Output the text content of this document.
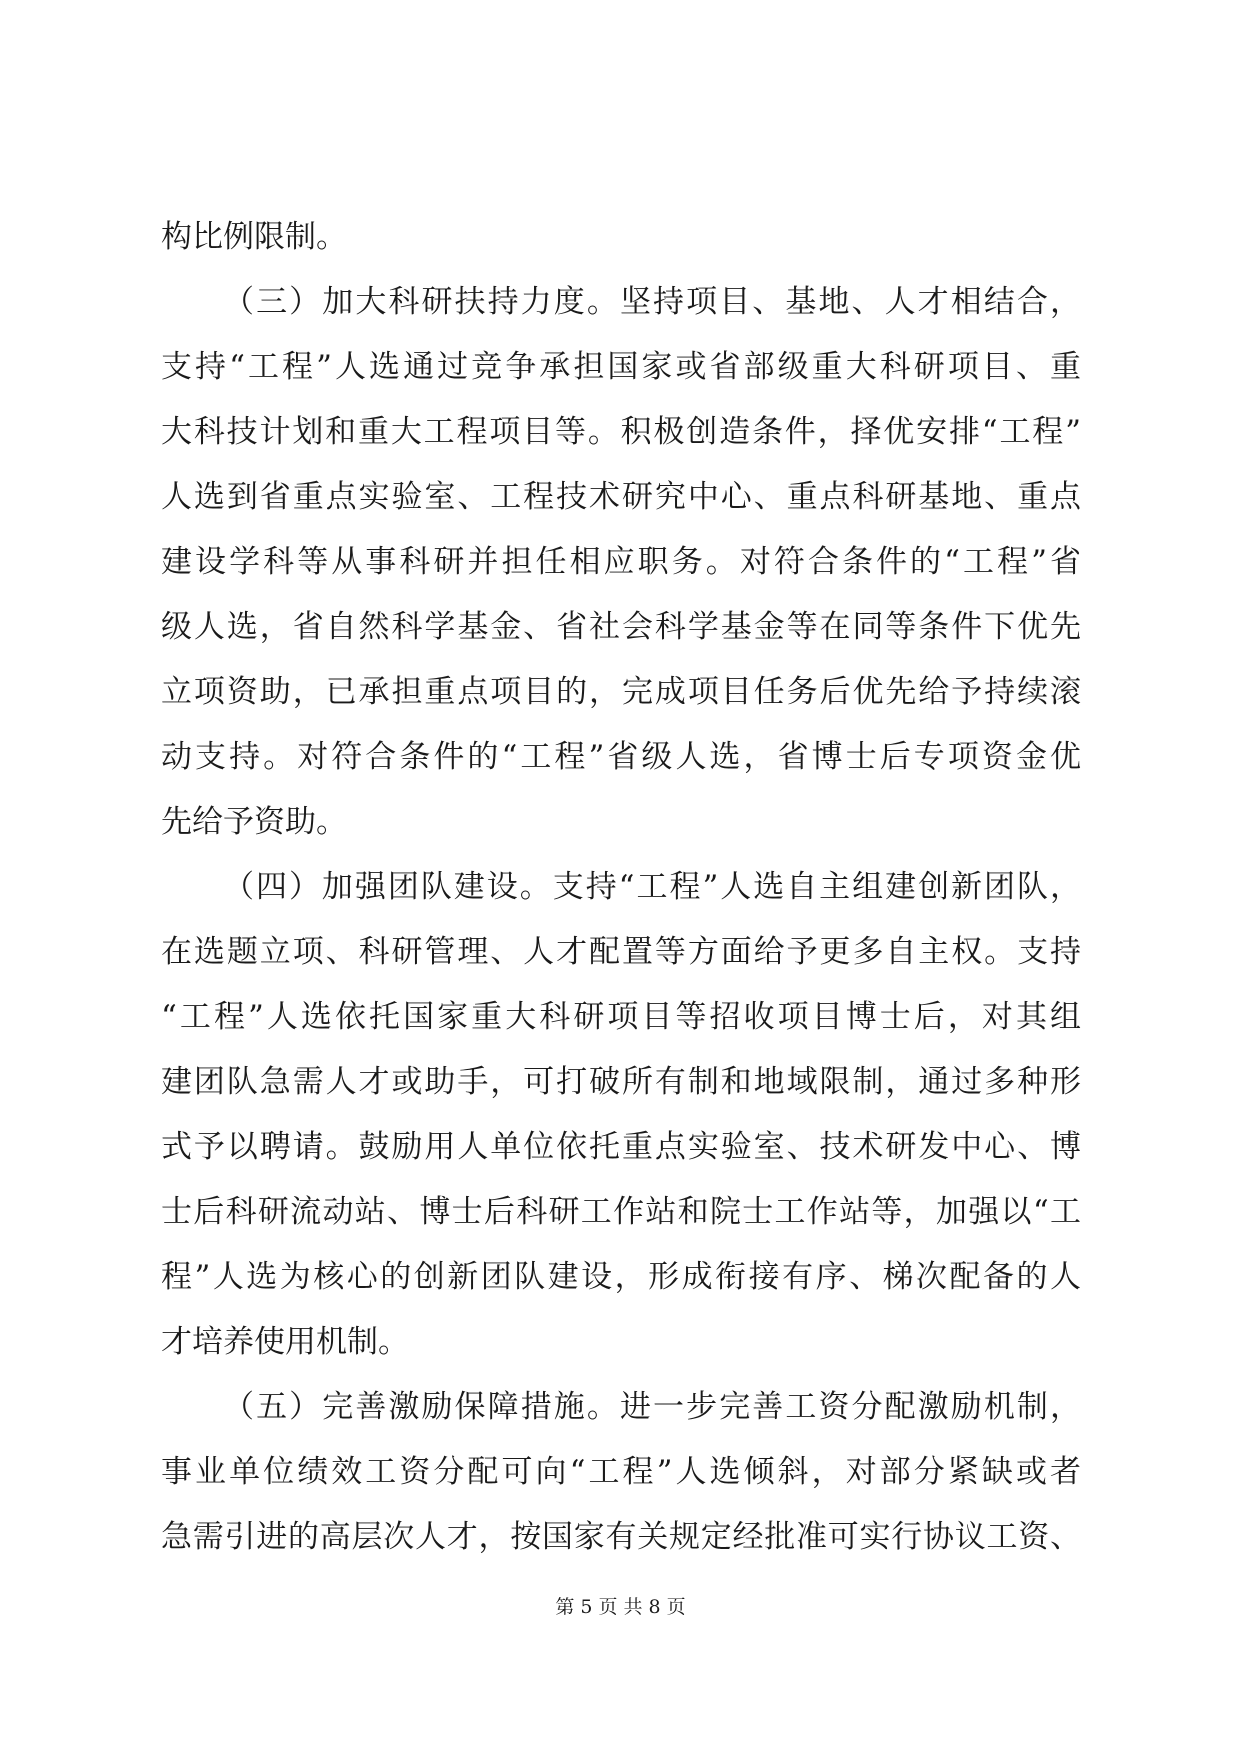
构比例限制。
（三）加大科研扶持力度。坚持项目、基地、人才相结合，
支持“工程”人选通过竞争承担国家或省部级重大科研项目、重
大科技计划和重大工程项目等。积极创造条件，择优安排“工程”
人选到省重点实验室、工程技术研究中心、重点科研基地、重点
建设学科等从事科研并担任相应职务。对符合条件的“工程”省
级人选，省自然科学基金、省社会科学基金等在同等条件下优先
立项资助，已承担重点项目的，完成项目任务后优先给予持续滚
动支持。对符合条件的“工程”省级人选，省博士后专项资金优
先给予资助。
（四）加强团队建设。支持“工程”人选自主组建创新团队，
在选题立项、科研管理、人才配置等方面给予更多自主权。支持
“工程”人选依托国家重大科研项目等招收项目博士后，对其组
建团队急需人才或助手，可打破所有制和地域限制，通过多种形
式予以聘请。鼓励用人单位依托重点实验室、技术研发中心、博
士后科研流动站、博士后科研工作站和院士工作站等，加强以“工
程”人选为核心的创新团队建设，形成衔接有序、梯次配备的人
才培养使用机制。
（五）完善激励保障措施。进一步完善工资分配激励机制，
事业单位绩效工资分配可向“工程”人选倾斜，对部分紧缺或者
急需引进的高层次人才，按国家有关规定经批准可实行协议工资、
第 5 页 共 8 页
